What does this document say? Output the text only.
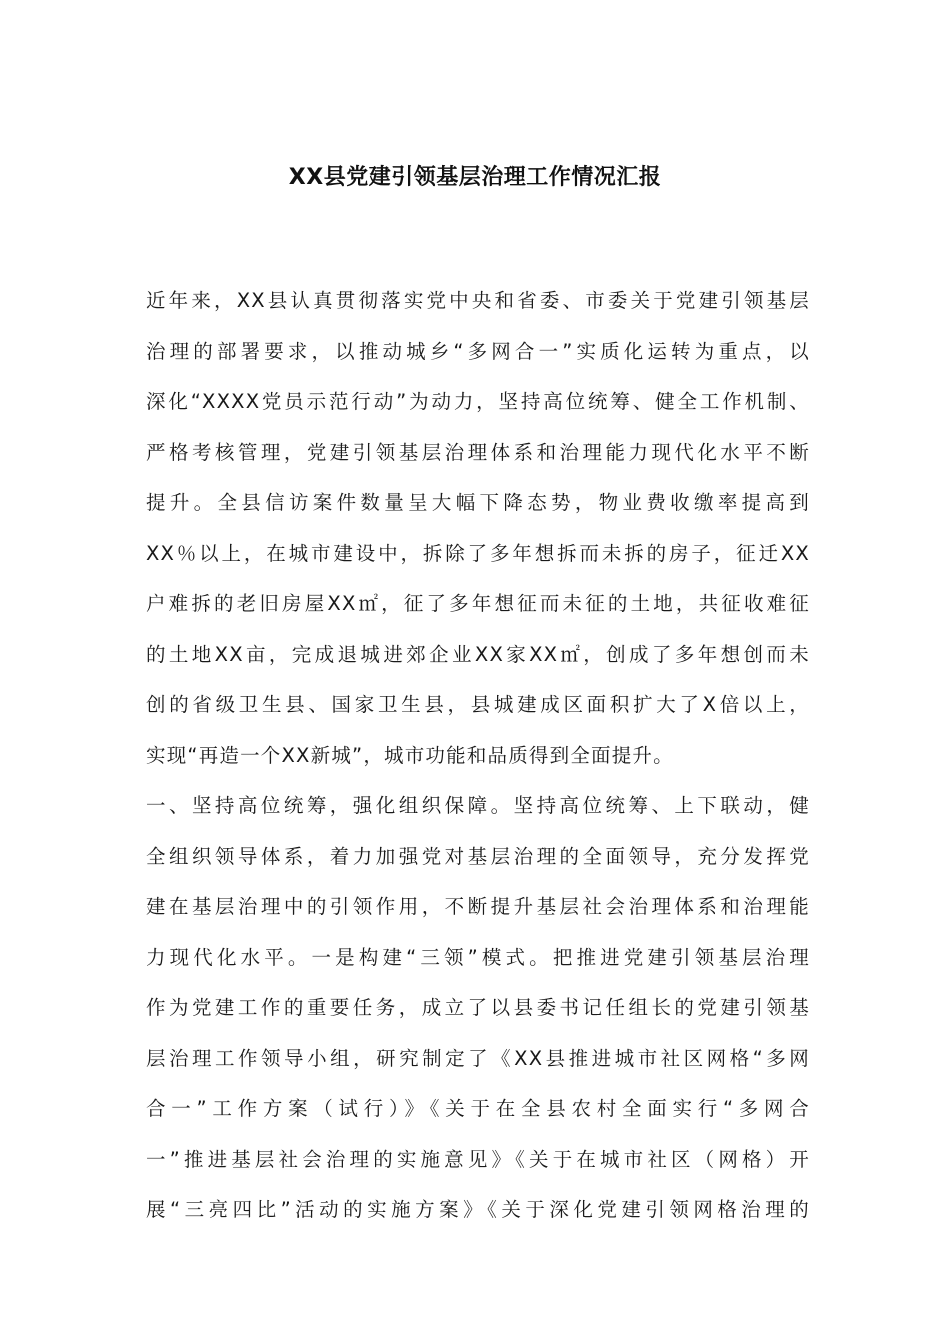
XX县党建引领基层治理工作情况汇报
近年来，XX县认真贯彻落实党中央和省委、市委关于党建引领基层
治理的部署要求，以推动城乡“多网合一”实质化运转为重点，以
深化“XXXX党员示范行动”为动力，坚持高位统筹、健全工作机制、
严格考核管理，党建引领基层治理体系和治理能力现代化水平不断
提升。全县信访案件数量呈大幅下降态势，物业费收缴率提高到
XX％以上，在城市建设中，拆除了多年想拆而未拆的房子，征迁XX
户难拆的老旧房屋XX㎡，征了多年想征而未征的土地，共征收难征
的土地XX亩，完成退城进郊企业XX家XX㎡，创成了多年想创而未
创的省级卫生县、国家卫生县，县城建成区面积扩大了X倍以上，
实现“再造一个XX新城”，城市功能和品质得到全面提升。
一、坚持高位统筹，强化组织保障。坚持高位统筹、上下联动，健
全组织领导体系，着力加强党对基层治理的全面领导，充分发挥党
建在基层治理中的引领作用，不断提升基层社会治理体系和治理能
力现代化水平。一是构建“三领”模式。把推进党建引领基层治理
作为党建工作的重要任务，成立了以县委书记任组长的党建引领基
层治理工作领导小组，研究制定了《XX县推进城市社区网格“多网
合一”工作方案（试行）》《关于在全县农村全面实行“多网合
一”推进基层社会治理的实施意见》《关于在城市社区（网格）开
展“三亮四比”活动的实施方案》《关于深化党建引领网格治理的
